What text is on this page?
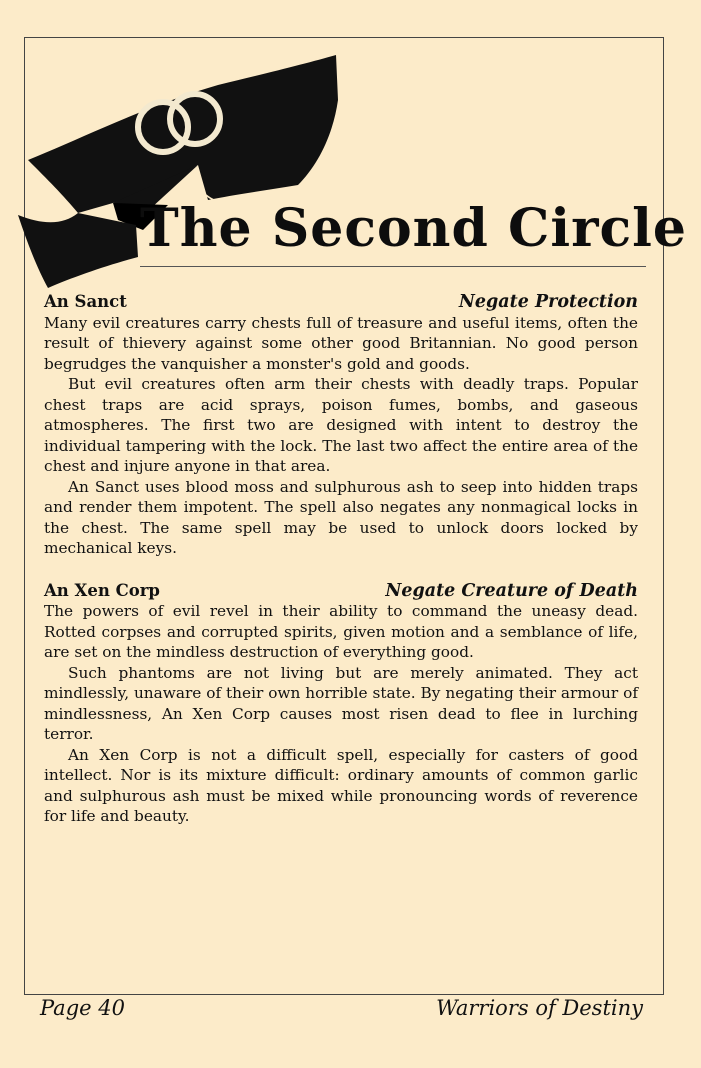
The Second Circle
An Sanct	Negate Protection

Many evil creatures carry chests full of treasure and useful items, often the result of thievery against some other good Britannian. No good person begrudges the vanquisher a monster's gold and goods.

But evil creatures often arm their chests with deadly traps. Popular chest traps are acid sprays, poison fumes, bombs, and gaseous atmospheres. The first two are designed with intent to destroy the individual tampering with the lock. The last two affect the entire area of the chest and injure anyone in that area.

An Sanct uses blood moss and sulphurous ash to seep into hidden traps and render them impotent. The spell also negates any nonmagical locks in the chest. The same spell may be used to unlock doors locked by mechanical keys.

An Xen Corp	Negate Creature of Death

The powers of evil revel in their ability to command the uneasy dead. Rotted corpses and corrupted spirits, given motion and a semblance of life, are set on the mindless destruction of everything good.

Such phantoms are not living but are merely animated. They act mindlessly, unaware of their own horrible state. By negating their armour of mindlessness, An Xen Corp causes most risen dead to flee in lurching terror.

An Xen Corp is not a difficult spell, especially for casters of good intellect. Nor is its mixture difficult: ordinary amounts of common garlic and sulphurous ash must be mixed while pronouncing words of reverence for life and beauty.

Page 40	Warriors of Destiny
